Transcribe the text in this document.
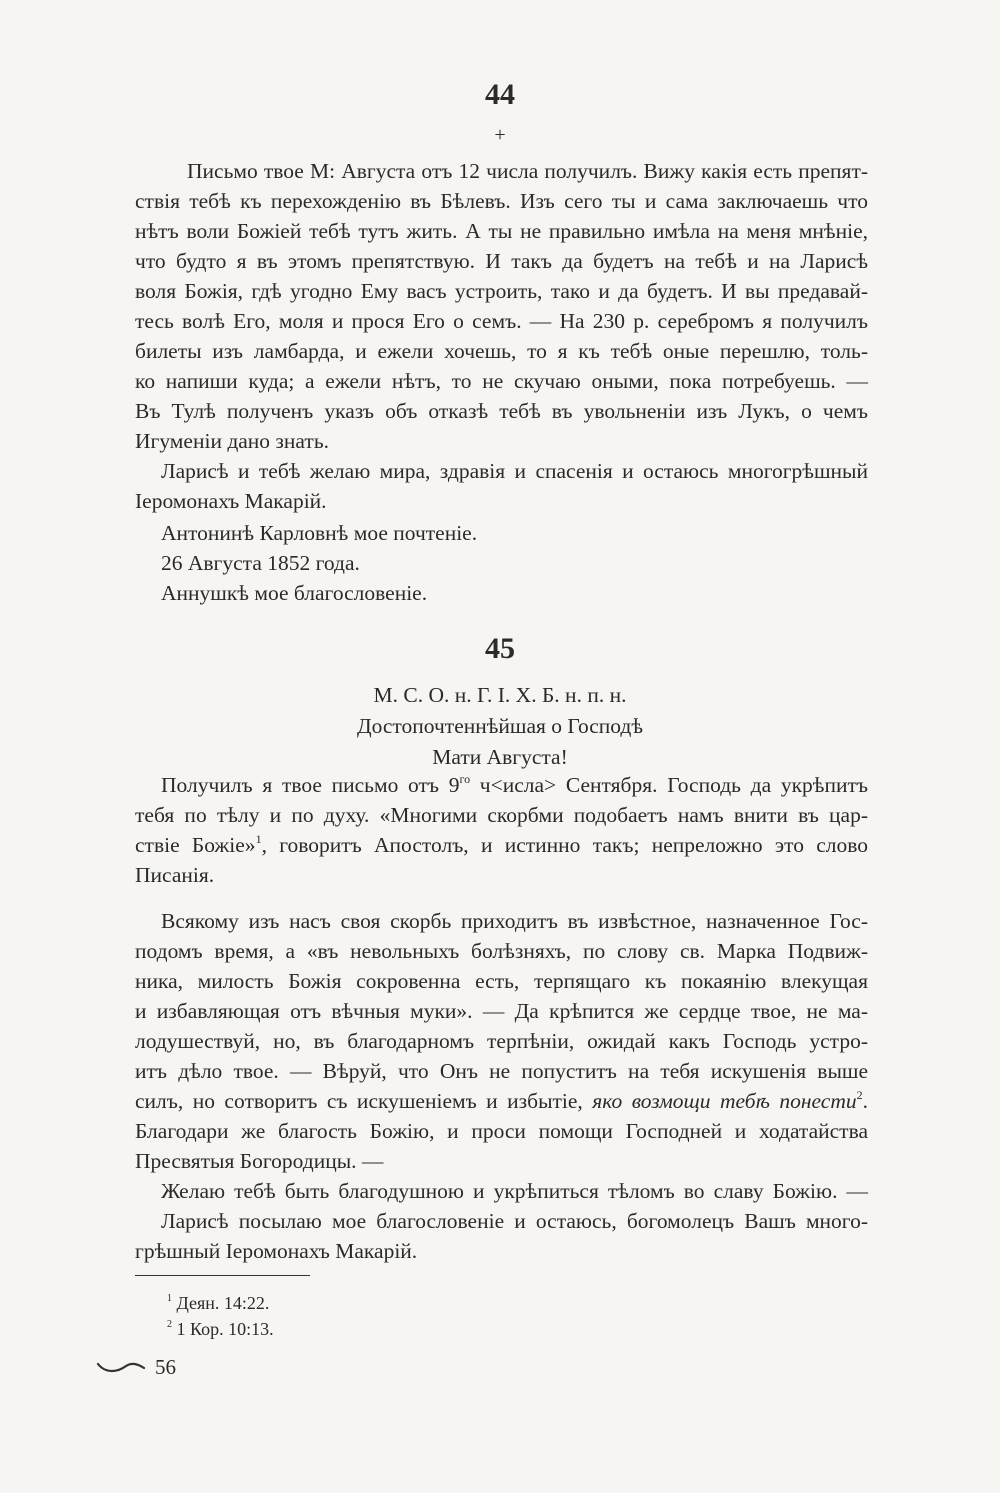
44
+
Письмо твое М: Августа отъ 12 числа получилъ. Вижу какія есть препят-
ствія тебѣ къ перехожденію въ Бѣлевъ. Изъ сего ты и сама заключаешь что
нѣтъ воли Божіей тебѣ тутъ жить. А ты не правильно имѣла на меня мнѣніе,
что будто я въ этомъ препятствую. И такъ да будетъ на тебѣ и на Ларисѣ
воля Божія, гдѣ угодно Ему васъ устроить, тако и да будетъ. И вы предавай-
тесь волѣ Его, моля и прося Его о семъ. — На 230 р. серебромъ я получилъ
билеты изъ ламбарда, и ежели хочешь, то я къ тебѣ оные перешлю, толь-
ко напиши куда; а ежели нѣтъ, то не скучаю оными, пока потребуешь. —
Въ Тулѣ полученъ указъ объ отказѣ тебѣ въ увольненіи изъ Лукъ, о чемъ
Игуменіи дано знать.
Ларисѣ и тебѣ желаю мира, здравія и спасенія и остаюсь многогрѣшный
Іеромонахъ Макарій.
Антонинѣ Карловнѣ мое почтеніе.
26 Августа 1852 года.
Аннушкѣ мое благословеніе.
45
М. С. О. н. Г. І. Х. Б. н. п. н.
Достопочтеннѣйшая о Господѣ
Мати Августа!
Получилъ я твое письмо отъ $9^{го}$ ч<исла> Сентября. Господь да укрѣпитъ
тебя по тѣлу и по духу. «Многими скорбми подобаетъ намъ внити въ цар-
ствіе Божіе»$^1$, говоритъ Апостолъ, и истинно такъ; непреложно это слово
Писанія.
Всякому изъ насъ своя скорбь приходитъ въ извѣстное, назначенное Гос-
подомъ время, а «въ невольныхъ болѣзняхъ, по слову св. Марка Подвиж-
ника, милость Божія сокровенна есть, терпящаго къ покаянію влекущая
и избавляющая отъ вѣчныя муки». — Да крѣпится же сердце твое, не ма-
лодушествуй, но, въ благодарномъ терпѣніи, ожидай какъ Господь устро-
итъ дѣло твое. — Вѣруй, что Онъ не попуститъ на тебя искушенія выше
силъ, но сотворитъ съ искушеніемъ и избытіе, яко возмощи тебѣ понести$^2$.
Благодари же благость Божію, и проси помощи Господней и ходатайства
Пресвятыя Богородицы. —
Желаю тебѣ быть благодушною и укрѣпиться тѣломъ во славу Божію. —
Ларисѣ посылаю мое благословеніе и остаюсь, богомолецъ Вашъ много-
грѣшный Іеромонахъ Макарій.
$^1$ Деян. 14:22.
$^2$ 1 Кор. 10:13.
56
